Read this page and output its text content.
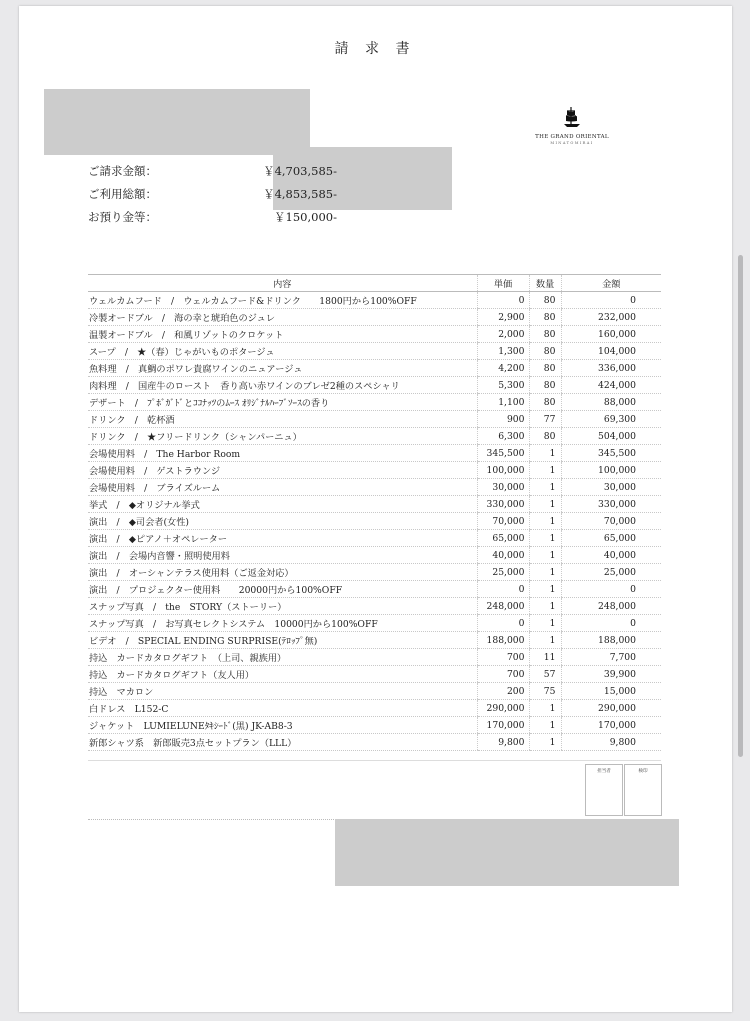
請 求 書
THE GRAND ORIENTAL
MINATOMIRAI
ご請求金額：	￥4,703,585-
ご利用総額：	￥4,853,585-
お預り金等：	￥150,000-
内容	単価	数量	金額
ウェルカムフード　/　ウェルカムフード&ドリンク　　1800円から100%OFF	0	80	0
冷製オードブル　/　海の幸と琥珀色のジュレ	2,900	80	232,000
温製オードブル　/　和風リゾットのクロケット	2,000	80	160,000
スープ　/　★（春）じゃがいものポタージュ	1,300	80	104,000
魚料理　/　真鯛のポワレ貴腐ワインのニュアージュ	4,200	80	336,000
肉料理　/　国産牛のロースト　香り高い赤ワインのブレゼ2種のスペシャリ	5,300	80	424,000
デザート　/　ﾌﾟﾎﾞｶﾞﾄﾞとｺｺﾅｯﾂのﾑｰｽ ｵﾘｼﾞﾅﾙﾊｰﾌﾞｿｰｽの香り	1,100	80	88,000
ドリンク　/　乾杯酒	900	77	69,300
ドリンク　/　★フリードリンク（シャンパーニュ）	6,300	80	504,000
会場使用料　/　The Harbor Room	345,500	1	345,500
会場使用料　/　ゲストラウンジ	100,000	1	100,000
会場使用料　/　ブライズルーム	30,000	1	30,000
挙式　/　◆オリジナル挙式	330,000	1	330,000
演出　/　◆司会者(女性)	70,000	1	70,000
演出　/　◆ピアノ＋オペレーター	65,000	1	65,000
演出　/　会場内音響・照明使用料	40,000	1	40,000
演出　/　オーシャンテラス使用料（ご返金対応）	25,000	1	25,000
演出　/　プロジェクター使用料　　20000円から100%OFF	0	1	0
スナップ写真　/　the　STORY（ストーリー）	248,000	1	248,000
スナップ写真　/　お写真セレクトシステム　10000円から100%OFF	0	1	0
ビデオ　/　SPECIAL ENDING SURPRISE(ﾃﾛｯﾌﾟ無)	188,000	1	188,000
持込　カードカタログギフト　（上司、親族用）	700	11	7,700
持込　カードカタログギフト（友人用）	700	57	39,900
持込　マカロン	200	75	15,000
白ドレス　L152-C	290,000	1	290,000
ジャケット　LUMIELUNEﾀｷｼｰﾄﾞ(黒) JK-AB8-3	170,000	1	170,000
新郎シャツ系　新郎販売3点セットプラン（LLL）	9,800	1	9,800
担当者	検印
